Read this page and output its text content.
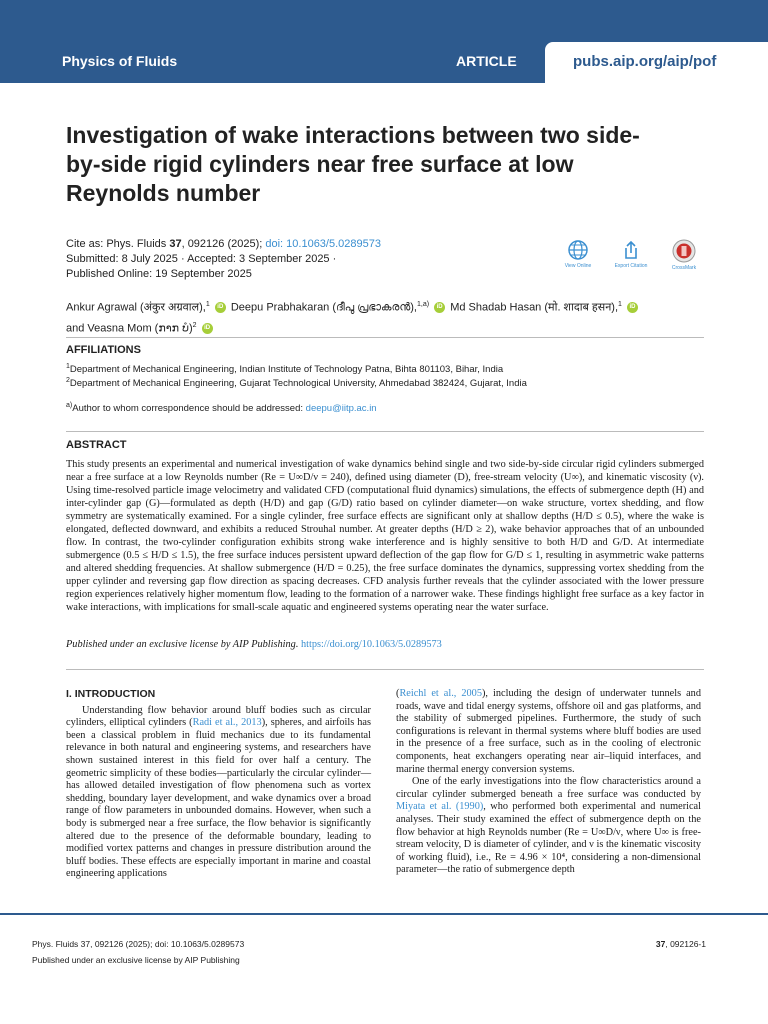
Physics of Fluids	ARTICLE	pubs.aip.org/aip/pof
Investigation of wake interactions between two side-by-side rigid cylinders near free surface at low Reynolds number
Cite as: Phys. Fluids 37, 092126 (2025); doi: 10.1063/5.0289573
Submitted: 8 July 2025 · Accepted: 3 September 2025 ·
Published Online: 19 September 2025
View Online	Export Citation	CrossMark
Ankur Agrawal (अंकुर अग्रवाल),$^1$ iD Deepu Prabhakaran (ദീപു പ്രഭാകരൻ),$^{1,a)}$ iD Md Shadab Hasan (मो. शादाब हसन),$^1$ iD
and Veasna Mom (ກາກ ບໍ)$^2$ iD
AFFILIATIONS
$^1$Department of Mechanical Engineering, Indian Institute of Technology Patna, Bihta 801103, Bihar, India
$^2$Department of Mechanical Engineering, Gujarat Technological University, Ahmedabad 382424, Gujarat, India
$^{a)}$Author to whom correspondence should be addressed: deepu@iitp.ac.in
ABSTRACT

This study presents an experimental and numerical investigation of wake dynamics behind single and two side-by-side circular rigid cylinders submerged near a free surface at a low Reynolds number (Re = U∞D/ν = 240), defined using diameter (D), free-stream velocity (U∞), and kinematic viscosity (ν). Using time-resolved particle image velocimetry and validated CFD (computational fluid dynamics) simulations, the effects of submergence depth (H) and inter-cylinder gap (G)—formulated as depth (H/D) and gap (G/D) ratio based on cylinder diameter—on wake structure, vortex shedding, and flow symmetry are systematically examined. For a single cylinder, free surface effects are significant only at shallow depths (H/D ≤ 0.5), where the wake is elongated, deflected downward, and exhibits a reduced Strouhal number. At greater depths (H/D ≥ 2), wake behavior approaches that of an unbounded flow. In contrast, the two-cylinder configuration exhibits strong wake interference and is highly sensitive to both H/D and G/D. At intermediate submergence (0.5 ≤ H/D ≤ 1.5), the free surface induces persistent upward deflection of the gap flow for G/D ≤ 1, resulting in asymmetric wake patterns and altered shedding frequencies. At shallow submergence (H/D = 0.25), the free surface dominates the dynamics, suppressing vortex shedding from the upper cylinder and reversing gap flow direction as spacing decreases. CFD analysis further reveals that the cylinder associated with the lower pressure region experiences relatively higher momentum flow, leading to the formation of a narrower wake. These findings highlight free surface as a key factor in wake interactions, with implications for small-scale aquatic and engineered systems operating near the water surface.

Published under an exclusive license by AIP Publishing. https://doi.org/10.1063/5.0289573
I. INTRODUCTION

Understanding flow behavior around bluff bodies such as circular cylinders, elliptical cylinders (Radi et al., 2013), spheres, and airfoils has been a classical problem in fluid mechanics due to its fundamental relevance in both natural and engineering systems, and researchers have shown sustained interest in this field for over half a century. The geometric simplicity of these bodies—particularly the circular cylinder—has allowed detailed investigation of flow phenomena such as vortex shedding, boundary layer development, and wake dynamics over a broad range of flow parameters in unbounded domains. However, when such a body is submerged near a free surface, the flow behavior is significantly altered due to the presence of the deformable boundary, leading to modified vortex patterns and changes in pressure distribution around the bluff bodies. These effects are especially important in marine and coastal engineering applications

(Reichl et al., 2005), including the design of underwater tunnels and roads, wave and tidal energy systems, offshore oil and gas platforms, and the stability of submerged pipelines. Furthermore, the study of such configurations is relevant in thermal systems where bluff bodies are used in the presence of a free surface, such as in the cooling of electronic components, heat exchangers operating near air–liquid interfaces, and marine thermal energy conversion systems.

One of the early investigations into the flow characteristics around a circular cylinder submerged beneath a free surface was conducted by Miyata et al. (1990), who performed both experimental and numerical analyses. Their study examined the effect of submergence depth on the flow behavior at high Reynolds number (Re = U∞D/ν, where U∞ is free-stream velocity, D is diameter of cylinder, and ν is the kinematic viscosity of working fluid), i.e., Re = 4.96 × 10⁴, considering a non-dimensional parameter—the ratio of submergence depth

Phys. Fluids 37, 092126 (2025); doi: 10.1063/5.0289573
Published under an exclusive license by AIP Publishing
37, 092126-1
